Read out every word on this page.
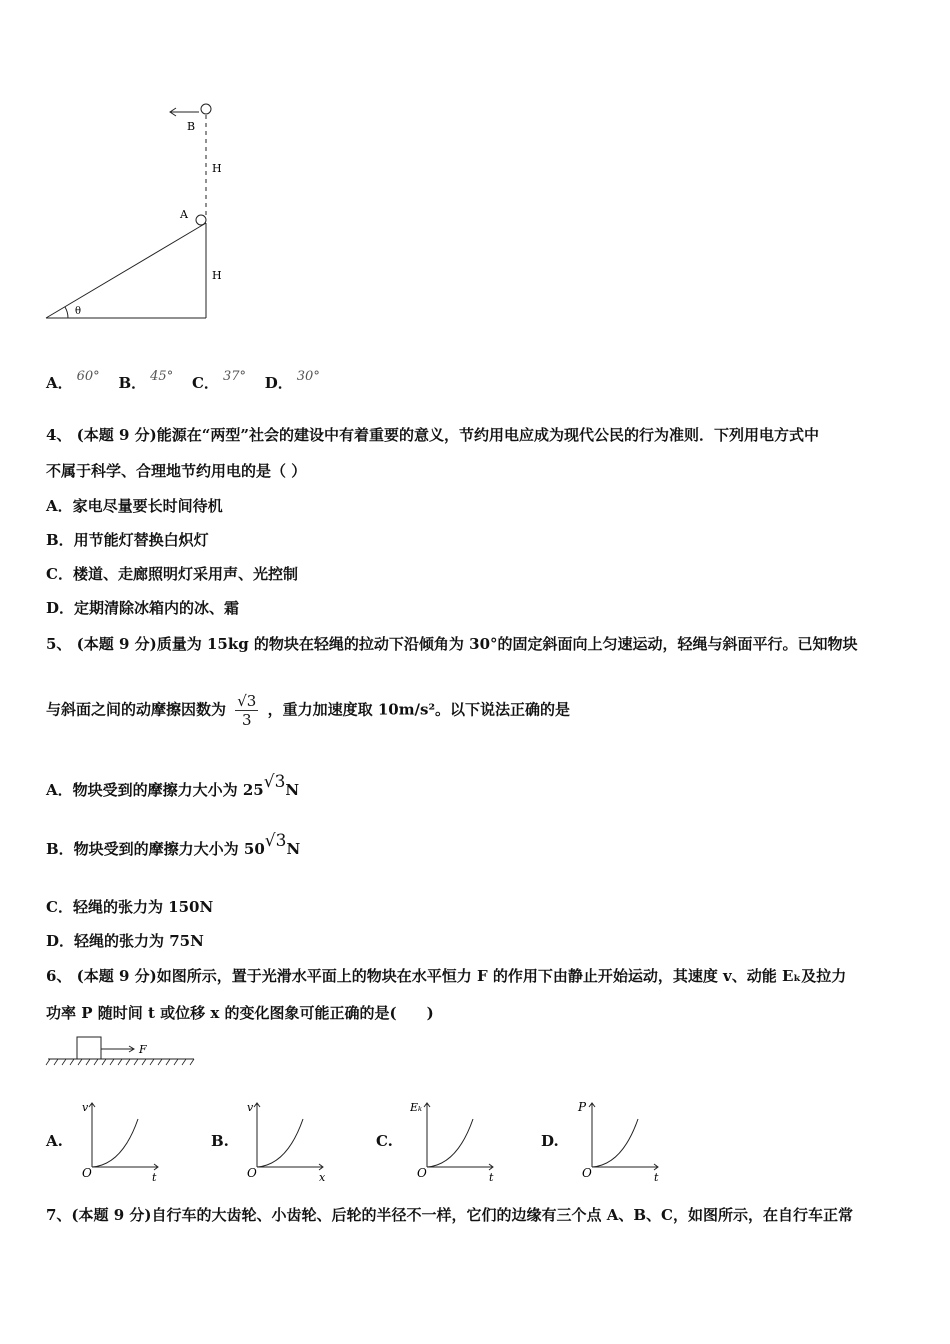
B
A
H
H
θ
A． 60° B． 45° C． 37° D． 30°
4、 (本题 9 分)能源在“两型”社会的建设中有着重要的意义，节约用电应成为现代公民的行为准则．下列用电方式中
不属于科学、合理地节约用电的是（ ）
A．家电尽量要长时间待机
B．用节能灯替换白炽灯
C．楼道、走廊照明灯采用声、光控制
D．定期清除冰箱内的冰、霜
5、 (本题 9 分)质量为 15kg 的物块在轻绳的拉动下沿倾角为 30°的固定斜面向上匀速运动，轻绳与斜面平行。已知物块
与斜面之间的动摩擦因数为 $\frac{√3}{3}$ ，重力加速度取 10m/s²。以下说法正确的是
A．物块受到的摩擦力大小为 25√3N
B．物块受到的摩擦力大小为 50√3N
C．轻绳的张力为 150N
D．轻绳的张力为 75N
6、 (本题 9 分)如图所示，置于光滑水平面上的物块在水平恒力 F 的作用下由静止开始运动，其速度 v、动能 Eₖ及拉力
功率 P 随时间 t 或位移 x 的变化图象可能正确的是(　　)
F
A.
v
t
O
B.
v
x
O
C.
Eₖ
t
O
D.
P
t
O
7、(本题 9 分)自行车的大齿轮、小齿轮、后轮的半径不一样，它们的边缘有三个点 A、B、C，如图所示，在自行车正常
